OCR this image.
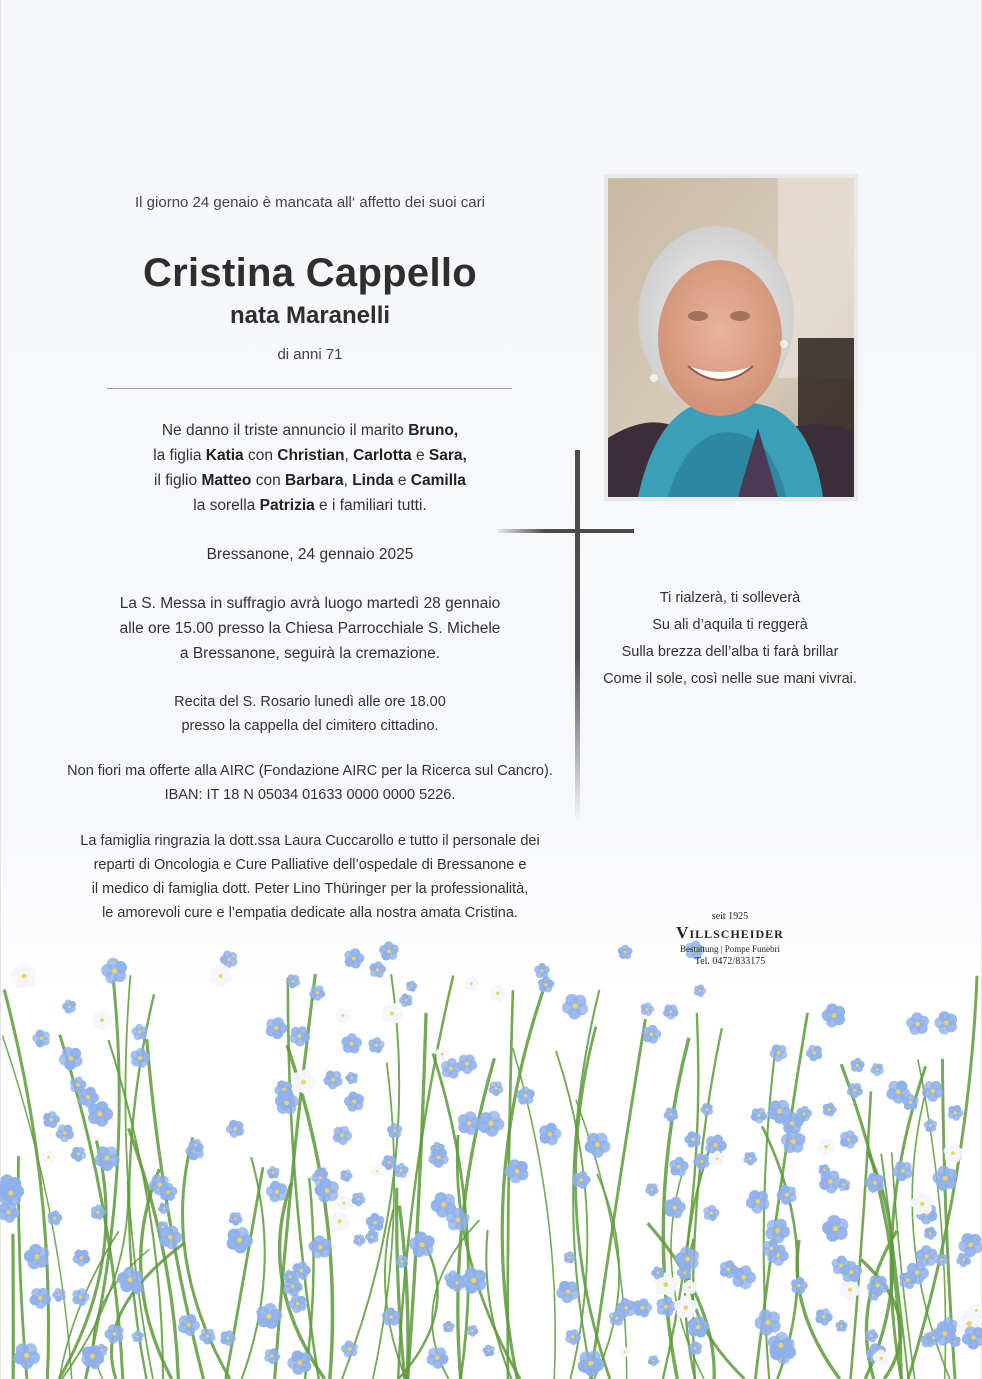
Il giorno 24 genaio è mancata all‘ affetto dei suoi cari
Cristina Cappello
nata Maranelli
di anni 71
Ne danno il triste annuncio il marito Bruno,
la figlia Katia con Christian, Carlotta e Sara,
il figlio Matteo con Barbara, Linda e Camilla
la sorella Patrizia e i familiari tutti.
Bressanone, 24 gennaio 2025
La S. Messa in suffragio avrà luogo martedì 28 gennaio
alle ore 15.00 presso la Chiesa Parrocchiale S. Michele
a Bressanone, seguirà la cremazione.
Recita del S. Rosario lunedì alle ore 18.00
presso la cappella del cimitero cittadino.
Non fiori ma offerte alla AIRC (Fondazione AIRC per la Ricerca sul Cancro).
IBAN: IT 18 N 05034 01633 0000 0000 5226.
La famiglia ringrazia la dott.ssa Laura Cuccarollo e tutto il personale dei
reparti di Oncologia e Cure Palliative dell’ospedale di Bressanone e
il medico di famiglia dott. Peter Lino Thüringer per la professionalità,
le amorevoli cure e l’empatia dedicate alla nostra amata Cristina.
Ti rialzerà, ti solleverà
Su ali d’aquila ti reggerà
Sulla brezza dell’alba ti farà brillar
Come il sole, così nelle sue mani vivrai.
seit 1925
Villscheider
Bestattung | Pompe Funebri
Tel. 0472/833175
